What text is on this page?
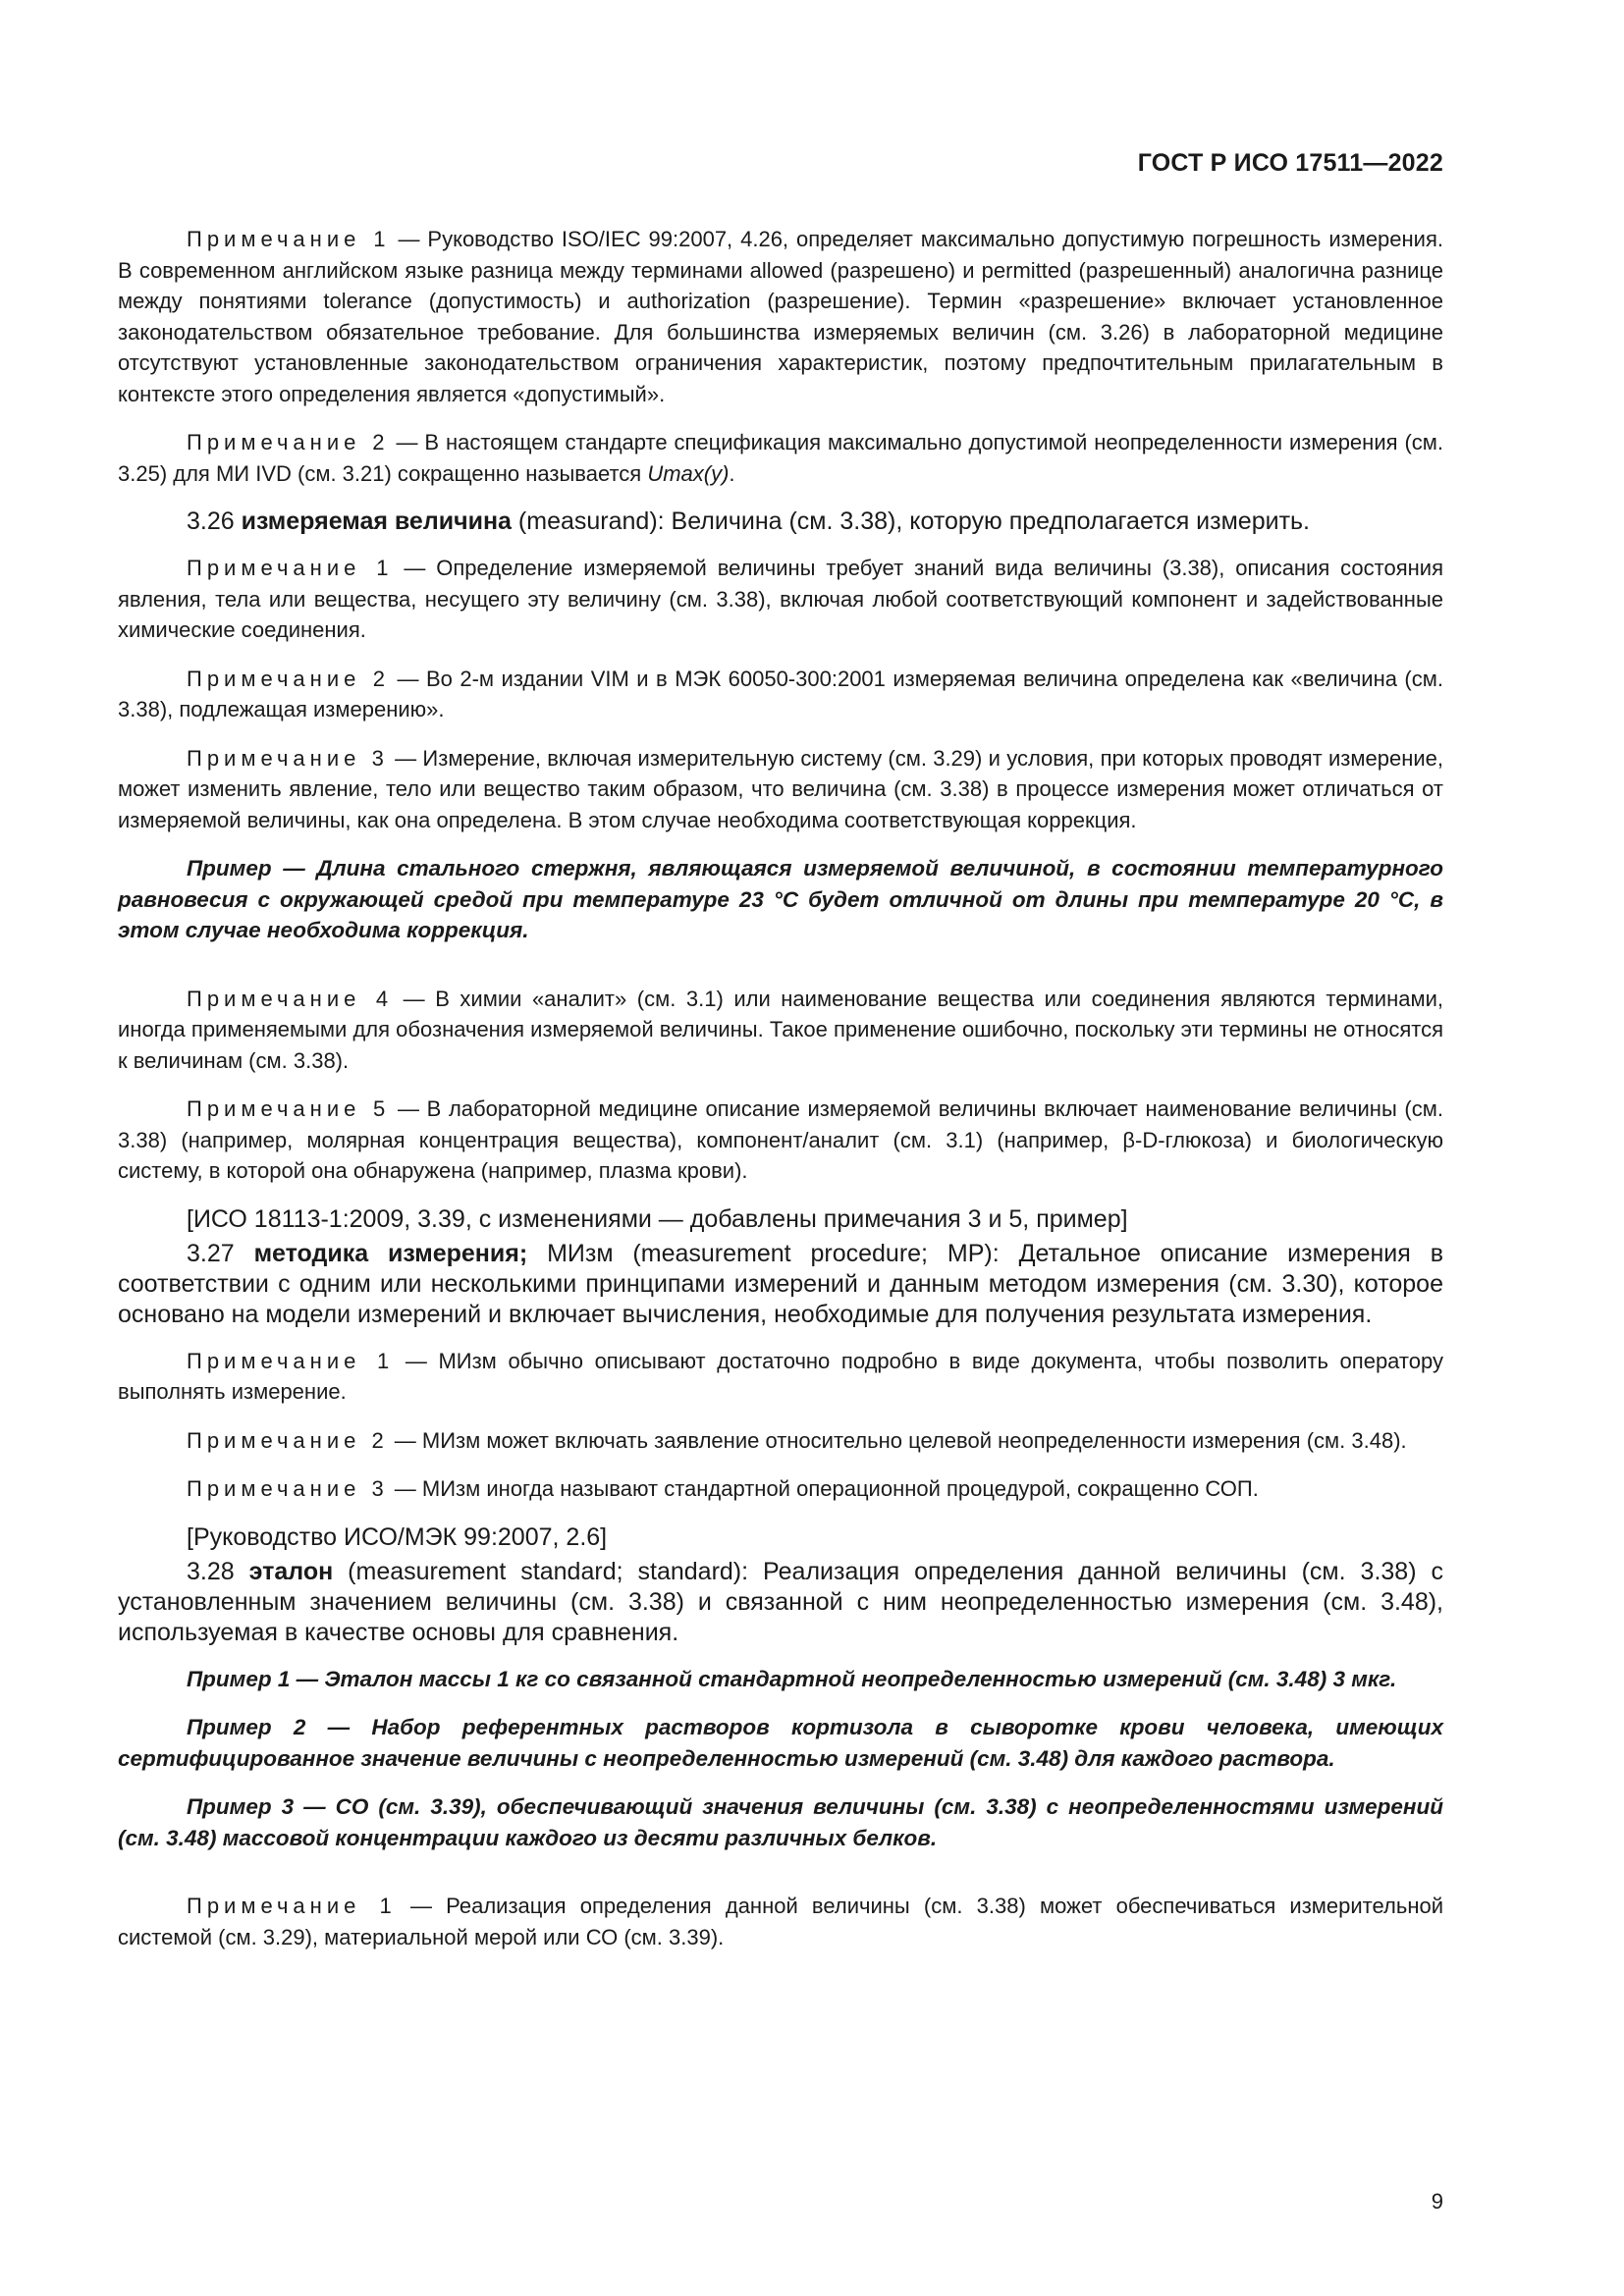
ГОСТ Р ИСО 17511—2022

Примечание 1 — Руководство ISO/IEC 99:2007, 4.26, определяет максимально допустимую погрешность измерения. В современном английском языке разница между терминами allowed (разрешено) и permitted (разрешенный) аналогична разнице между понятиями tolerance (допустимость) и authorization (разрешение). Термин «разрешение» включает установленное законодательством обязательное требование. Для большинства измеряемых величин (см. 3.26) в лабораторной медицине отсутствуют установленные законодательством ограничения характеристик, поэтому предпочтительным прилагательным в контексте этого определения является «допустимый».

Примечание 2 — В настоящем стандарте спецификация максимально допустимой неопределенности измерения (см. 3.25) для МИ IVD (см. 3.21) сокращенно называется Umax(y).

3.26 измеряемая величина (measurand): Величина (см. 3.38), которую предполагается измерить.

Примечание 1 — Определение измеряемой величины требует знаний вида величины (3.38), описания состояния явления, тела или вещества, несущего эту величину (см. 3.38), включая любой соответствующий компонент и задействованные химические соединения.

Примечание 2 — Во 2-м издании VIM и в МЭК 60050-300:2001 измеряемая величина определена как «величина (см. 3.38), подлежащая измерению».

Примечание 3 — Измерение, включая измерительную систему (см. 3.29) и условия, при которых проводят измерение, может изменить явление, тело или вещество таким образом, что величина (см. 3.38) в процессе измерения может отличаться от измеряемой величины, как она определена. В этом случае необходима соответствующая коррекция.

Пример — Длина стального стержня, являющаяся измеряемой величиной, в состоянии температурного равновесия с окружающей средой при температуре 23 °С будет отличной от длины при температуре 20 °С, в этом случае необходима коррекция.

Примечание 4 — В химии «аналит» (см. 3.1) или наименование вещества или соединения являются терминами, иногда применяемыми для обозначения измеряемой величины. Такое применение ошибочно, поскольку эти термины не относятся к величинам (см. 3.38).

Примечание 5 — В лабораторной медицине описание измеряемой величины включает наименование величины (см. 3.38) (например, молярная концентрация вещества), компонент/аналит (см. 3.1) (например, β-D-глюкоза) и биологическую систему, в которой она обнаружена (например, плазма крови).

[ИСО 18113-1:2009, 3.39, с изменениями — добавлены примечания 3 и 5, пример]

3.27 методика измерения; МИзм (measurement procedure; MP): Детальное описание измерения в соответствии с одним или несколькими принципами измерений и данным методом измерения (см. 3.30), которое основано на модели измерений и включает вычисления, необходимые для получения результата измерения.

Примечание 1 — МИзм обычно описывают достаточно подробно в виде документа, чтобы позволить оператору выполнять измерение.

Примечание 2 — МИзм может включать заявление относительно целевой неопределенности измерения (см. 3.48).

Примечание 3 — МИзм иногда называют стандартной операционной процедурой, сокращенно СОП.

[Руководство ИСО/МЭК 99:2007, 2.6]

3.28 эталон (measurement standard; standard): Реализация определения данной величины (см. 3.38) с установленным значением величины (см. 3.38) и связанной с ним неопределенностью измерения (см. 3.48), используемая в качестве основы для сравнения.

Пример 1 — Эталон массы 1 кг со связанной стандартной неопределенностью измерений (см. 3.48) 3 мкг.

Пример 2 — Набор референтных растворов кортизола в сыворотке крови человека, имеющих сертифицированное значение величины с неопределенностью измерений (см. 3.48) для каждого раствора.

Пример 3 — СО (см. 3.39), обеспечивающий значения величины (см. 3.38) с неопределенностями измерений (см. 3.48) массовой концентрации каждого из десяти различных белков.

Примечание 1 — Реализация определения данной величины (см. 3.38) может обеспечиваться измерительной системой (см. 3.29), материальной мерой или СО (см. 3.39).

9
